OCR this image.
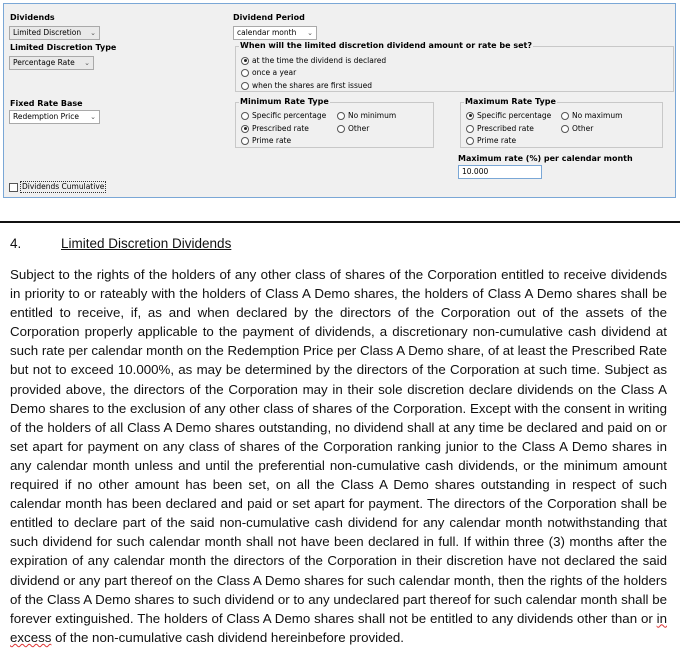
Dividends
Limited Discretion ⌄
Limited Discretion Type
Percentage Rate ⌄
Fixed Rate Base
Redemption Price ⌄
Dividends Cumulative
Dividend Period
calendar month ⌄
When will the limited discretion dividend amount or rate be set?
at the time the dividend is declared
once a year
when the shares are first issued
Minimum Rate Type
Specific percentage	No minimum
Prescribed rate	Other
Prime rate
Maximum Rate Type
Specific percentage	No maximum
Prescribed rate	Other
Prime rate
Maximum rate (%) per calendar month
10.000
4.	Limited Discretion Dividends

Subject to the rights of the holders of any other class of shares of the Corporation entitled to receive dividends in priority to or rateably with the holders of Class A Demo shares, the holders of Class A Demo shares shall be entitled to receive, if, as and when declared by the directors of the Corporation out of the assets of the Corporation properly applicable to the payment of dividends, a discretionary non-cumulative cash dividend at such rate per calendar month on the Redemption Price per Class A Demo share, of at least the Prescribed Rate but not to exceed 10.000%, as may be determined by the directors of the Corporation at such time. Subject as provided above, the directors of the Corporation may in their sole discretion declare dividends on the Class A Demo shares to the exclusion of any other class of shares of the Corporation. Except with the consent in writing of the holders of all Class A Demo shares outstanding, no dividend shall at any time be declared and paid on or set apart for payment on any class of shares of the Corporation ranking junior to the Class A Demo shares in any calendar month unless and until the preferential non-cumulative cash dividends, or the minimum amount required if no other amount has been set, on all the Class A Demo shares outstanding in respect of such calendar month has been declared and paid or set apart for payment. The directors of the Corporation shall be entitled to declare part of the said non-cumulative cash dividend for any calendar month notwithstanding that such dividend for such calendar month shall not have been declared in full. If within three (3) months after the expiration of any calendar month the directors of the Corporation in their discretion have not declared the said dividend or any part thereof on the Class A Demo shares for such calendar month, then the rights of the holders of the Class A Demo shares to such dividend or to any undeclared part thereof for such calendar month shall be forever extinguished. The holders of Class A Demo shares shall not be entitled to any dividends other than or in excess of the non-cumulative cash dividend hereinbefore provided.
